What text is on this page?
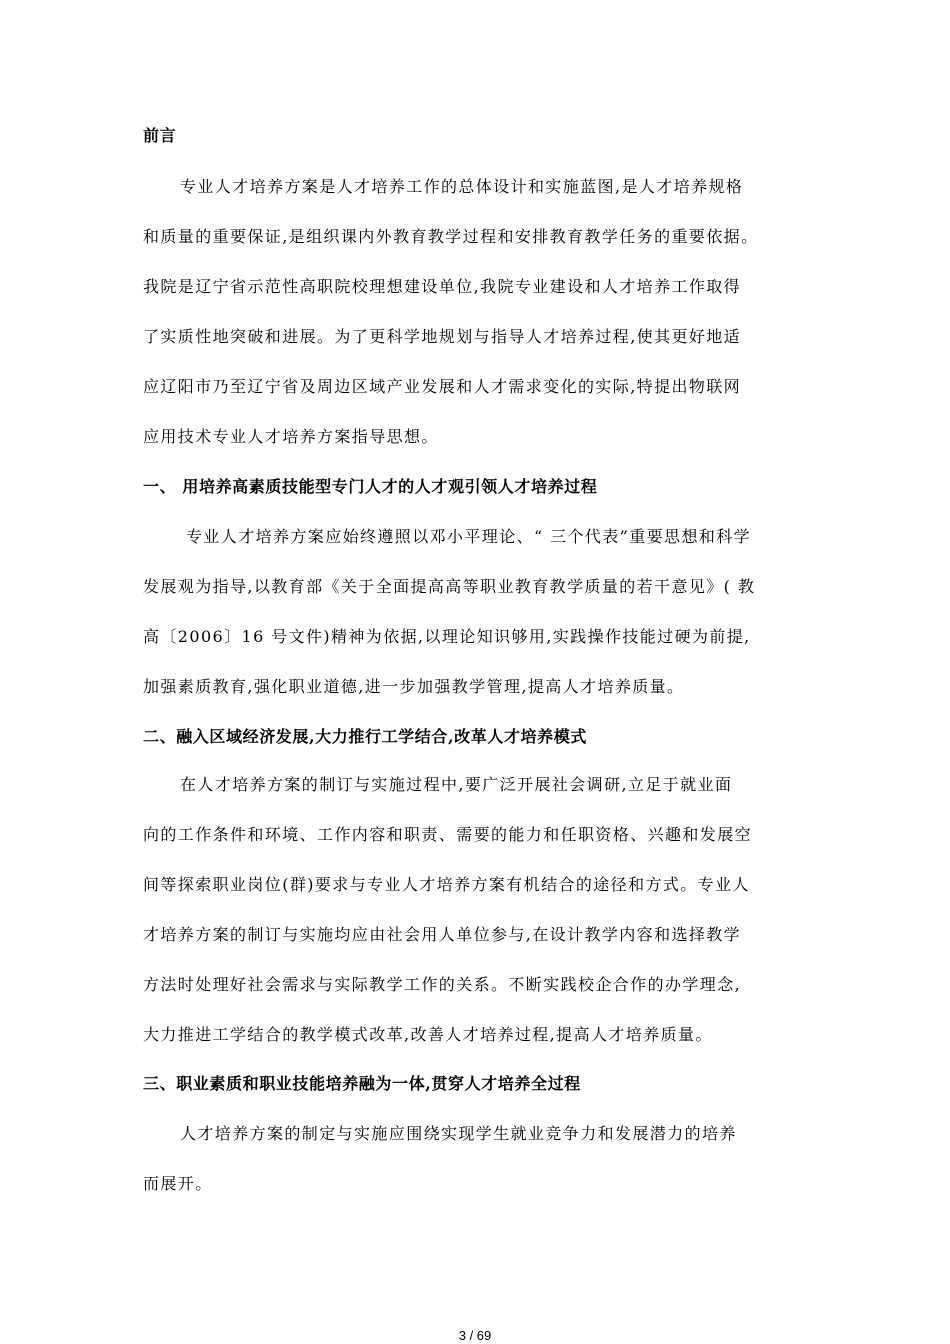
前言
专业人才培养方案是人才培养工作的总体设计和实施蓝图,是人才培养规格
和质量的重要保证,是组织课内外教育教学过程和安排教育教学任务的重要依据。
我院是辽宁省示范性高职院校理想建设单位,我院专业建设和人才培养工作取得
了实质性地突破和进展。为了更科学地规划与指导人才培养过程,使其更好地适
应辽阳市乃至辽宁省及周边区域产业发展和人才需求变化的实际,特提出物联网
应用技术专业人才培养方案指导思想。
一、 用培养高素质技能型专门人才的人才观引领人才培养过程
专业人才培养方案应始终遵照以邓小平理论、“ 三个代表”重要思想和科学
发展观为指导,以教育部《关于全面提高高等职业教育教学质量的若干意见》( 教
高〔2006〕16 号文件)精神为依据,以理论知识够用,实践操作技能过硬为前提,
加强素质教育,强化职业道德,进一步加强教学管理,提高人才培养质量。
二、融入区域经济发展,大力推行工学结合,改革人才培养模式
在人才培养方案的制订与实施过程中,要广泛开展社会调研,立足于就业面
向的工作条件和环境、工作内容和职责、需要的能力和任职资格、兴趣和发展空
间等探索职业岗位(群)要求与专业人才培养方案有机结合的途径和方式。专业人
才培养方案的制订与实施均应由社会用人单位参与,在设计教学内容和选择教学
方法时处理好社会需求与实际教学工作的关系。不断实践校企合作的办学理念,
大力推进工学结合的教学模式改革,改善人才培养过程,提高人才培养质量。
三、职业素质和职业技能培养融为一体,贯穿人才培养全过程
人才培养方案的制定与实施应围绕实现学生就业竞争力和发展潜力的培养
而展开。
3 / 69
